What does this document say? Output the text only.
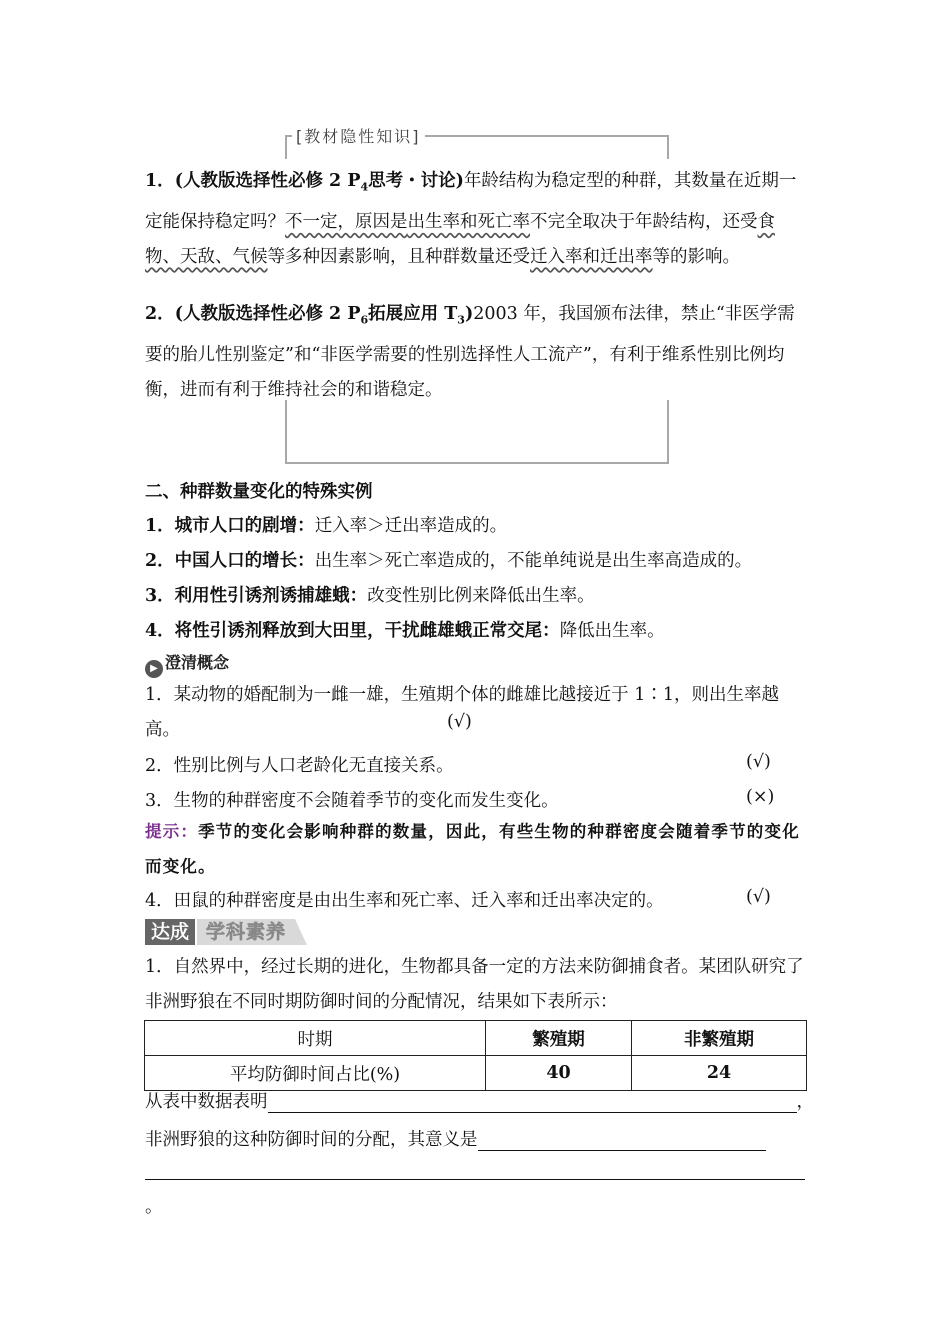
[教材隐性知识]
1．(人教版选择性必修 2 $P_4$思考・讨论)年龄结构为稳定型的种群，其数量在近期一定能保持稳定吗？不一定，原因是出生率和死亡率不完全取决于年龄结构，还受食物、天敌、气候等多种因素影响，且种群数量还受迁入率和迁出率等的影响。
2．(人教版选择性必修 2 $P_6$拓展应用 $T_3)2003$ 年，我国颁布法律，禁止“非医学需要的胎儿性别鉴定”和“非医学需要的性别选择性人工流产”，有利于维系性别比例均衡，进而有利于维持社会的和谐稳定。
二、种群数量变化的特殊实例
1．城市人口的剧增：迁入率＞迁出率造成的。
2．中国人口的增长：出生率＞死亡率造成的，不能单纯说是出生率高造成的。
3．利用性引诱剂诱捕雄蛾：改变性别比例来降低出生率。
4．将性引诱剂释放到大田里，干扰雌雄蛾正常交尾：降低出生率。
▶ 澄清概念
1．某动物的婚配制为一雌一雄，生殖期个体的雌雄比越接近于 1∶1，则出生率越高。	(√)
2．性别比例与人口老龄化无直接关系。	(√)
3．生物的种群密度不会随着季节的变化而发生变化。	(×)
提示：季节的变化会影响种群的数量，因此，有些生物的种群密度会随着季节的变化而变化。
4．田鼠的种群密度是由出生率和死亡率、迁入率和迁出率决定的。	(√)
达成 学科素养
1．自然界中，经过长期的进化，生物都具备一定的方法来防御捕食者。某团队研究了非洲野狼在不同时期防御时间的分配情况，结果如下表所示：
时期	繁殖期	非繁殖期
平均防御时间占比(%)	40	24
从表中数据表明	，
非洲野狼的这种防御时间的分配，其意义是
。
